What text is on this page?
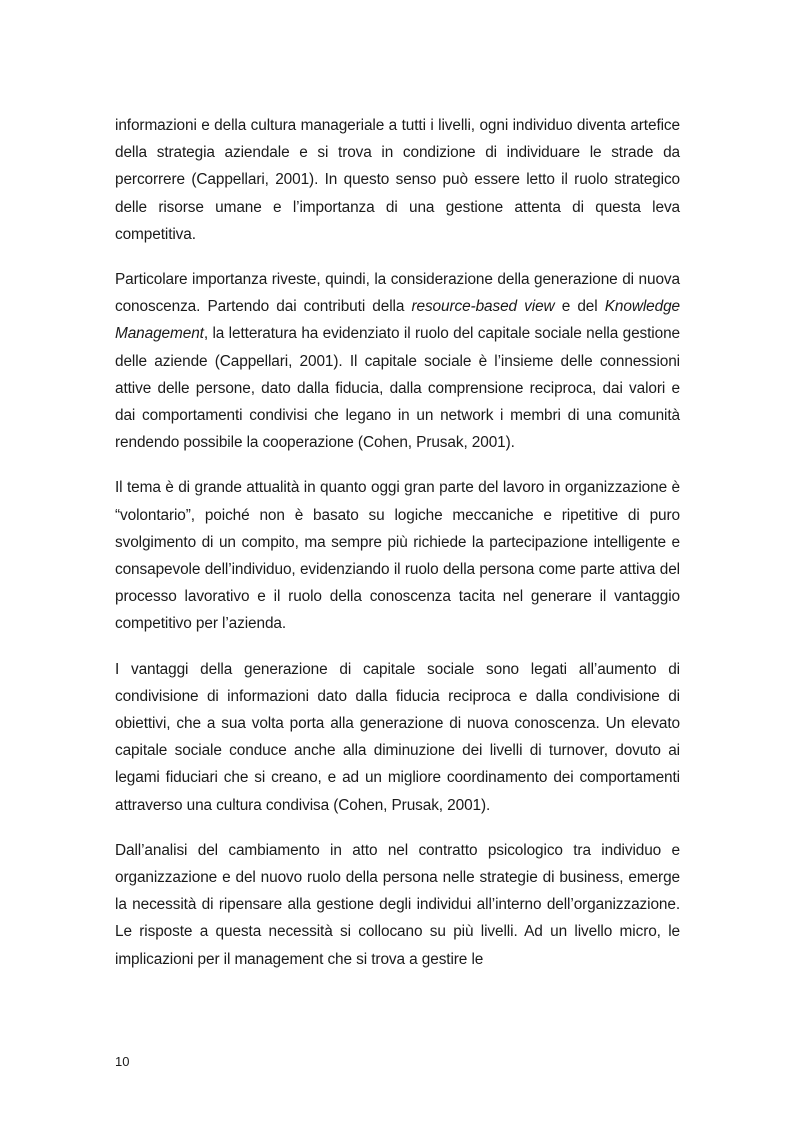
informazioni e della cultura manageriale a tutti i livelli, ogni individuo diventa artefice della strategia aziendale e si trova in condizione di individuare le strade da percorrere (Cappellari, 2001). In questo senso può essere letto il ruolo strategico delle risorse umane e l’importanza di una gestione attenta di questa leva competitiva.

Particolare importanza riveste, quindi, la considerazione della generazione di nuova conoscenza. Partendo dai contributi della resource-based view e del Knowledge Management, la letteratura ha evidenziato il ruolo del capitale sociale nella gestione delle aziende (Cappellari, 2001). Il capitale sociale è l’insieme delle connessioni attive delle persone, dato dalla fiducia, dalla comprensione reciproca, dai valori e dai comportamenti condivisi che legano in un network i membri di una comunità rendendo possibile la cooperazione (Cohen, Prusak, 2001).

Il tema è di grande attualità in quanto oggi gran parte del lavoro in organizzazione è “volontario”, poiché non è basato su logiche meccaniche e ripetitive di puro svolgimento di un compito, ma sempre più richiede la partecipazione intelligente e consapevole dell’individuo, evidenziando il ruolo della persona come parte attiva del processo lavorativo e il ruolo della conoscenza tacita nel generare il vantaggio competitivo per l’azienda.

I vantaggi della generazione di capitale sociale sono legati all’aumento di condivisione di informazioni dato dalla fiducia reciproca e dalla condivisione di obiettivi, che a sua volta porta alla generazione di nuova conoscenza. Un elevato capitale sociale conduce anche alla diminuzione dei livelli di turnover, dovuto ai legami fiduciari che si creano, e ad un migliore coordinamento dei comportamenti attraverso una cultura condivisa (Cohen, Prusak, 2001).

Dall’analisi del cambiamento in atto nel contratto psicologico tra individuo e organizzazione e del nuovo ruolo della persona nelle strategie di business, emerge la necessità di ripensare alla gestione degli individui all’interno dell’organizzazione. Le risposte a questa necessità si collocano su più livelli. Ad un livello micro, le implicazioni per il management che si trova a gestire le

10
